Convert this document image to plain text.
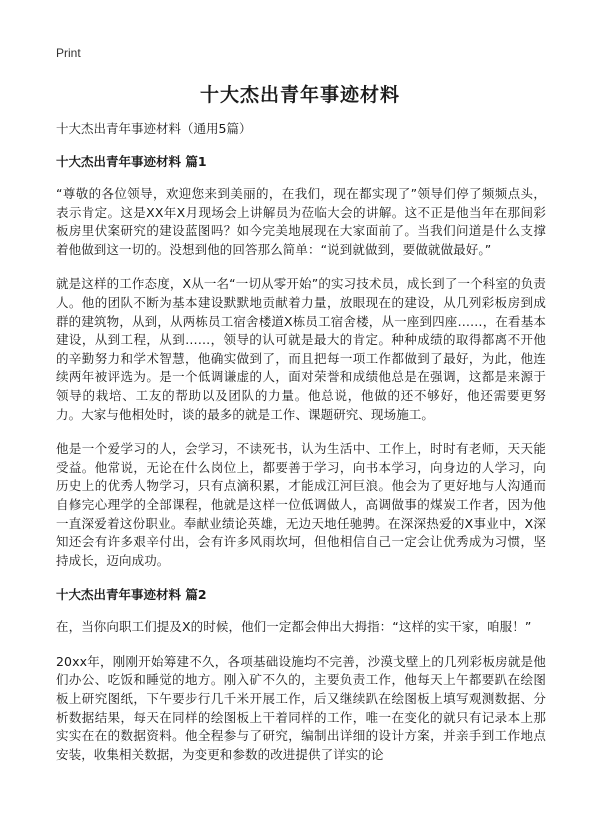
Print
十大杰出青年事迹材料

十大杰出青年事迹材料（通用5篇）

十大杰出青年事迹材料 篇1

“尊敬的各位领导，欢迎您来到美丽的，在我们，现在都实现了”领导们停了频频点头，表示肯定。这是XX年X月现场会上讲解员为莅临大会的讲解。这不正是他当年在那间彩板房里伏案研究的建设蓝图吗？如今完美地展现在大家面前了。当我们问道是什么支撑着他做到这一切的。没想到他的回答那么简单：“说到就做到，要做就做最好。”

就是这样的工作态度，X从一名“一切从零开始”的实习技术员，成长到了一个科室的负责人。他的团队不断为基本建设默默地贡献着力量，放眼现在的建设，从几列彩板房到成群的建筑物，从到，从两栋员工宿舍楼道X栋员工宿舍楼，从一座到四座……，在看基本建设，从到工程，从到……，领导的认可就是最大的肯定。种种成绩的取得都离不开他的辛勤努力和学术智慧，他确实做到了，而且把每一项工作都做到了最好，为此，他连续两年被评选为。是一个低调谦虚的人，面对荣誉和成绩他总是在强调，这都是来源于领导的栽培、工友的帮助以及团队的力量。他总说，他做的还不够好，他还需要更努力。大家与他相处时，谈的最多的就是工作、课题研究、现场施工。

他是一个爱学习的人，会学习，不读死书，认为生活中、工作上，时时有老师，天天能受益。他常说，无论在什么岗位上，都要善于学习，向书本学习，向身边的人学习，向历史上的优秀人物学习，只有点滴积累，才能成江河巨浪。他会为了更好地与人沟通而自修完心理学的全部课程，他就是这样一位低调做人，高调做事的煤炭工作者，因为他一直深爱着这份职业。奉献业绩论英雄，无边天地任驰骋。在深深热爱的X事业中，X深知还会有许多艰辛付出，会有许多风雨坎坷，但他相信自己一定会让优秀成为习惯，坚持成长，迈向成功。

十大杰出青年事迹材料 篇2

在，当你向职工们提及X的时候，他们一定都会伸出大拇指：“这样的实干家，咱服！”

20xx年，刚刚开始筹建不久，各项基础设施均不完善，沙漠戈壁上的几列彩板房就是他们办公、吃饭和睡觉的地方。刚入矿不久的，主要负责工作，他每天上午都要趴在绘图板上研究图纸，下午要步行几千米开展工作，后又继续趴在绘图板上填写观测数据、分析数据结果，每天在同样的绘图板上干着同样的工作，唯一在变化的就只有记录本上那实实在在的数据资料。他全程参与了研究，编制出详细的设计方案，并亲手到工作地点安装，收集相关数据，为变更和参数的改进提供了详实的论
